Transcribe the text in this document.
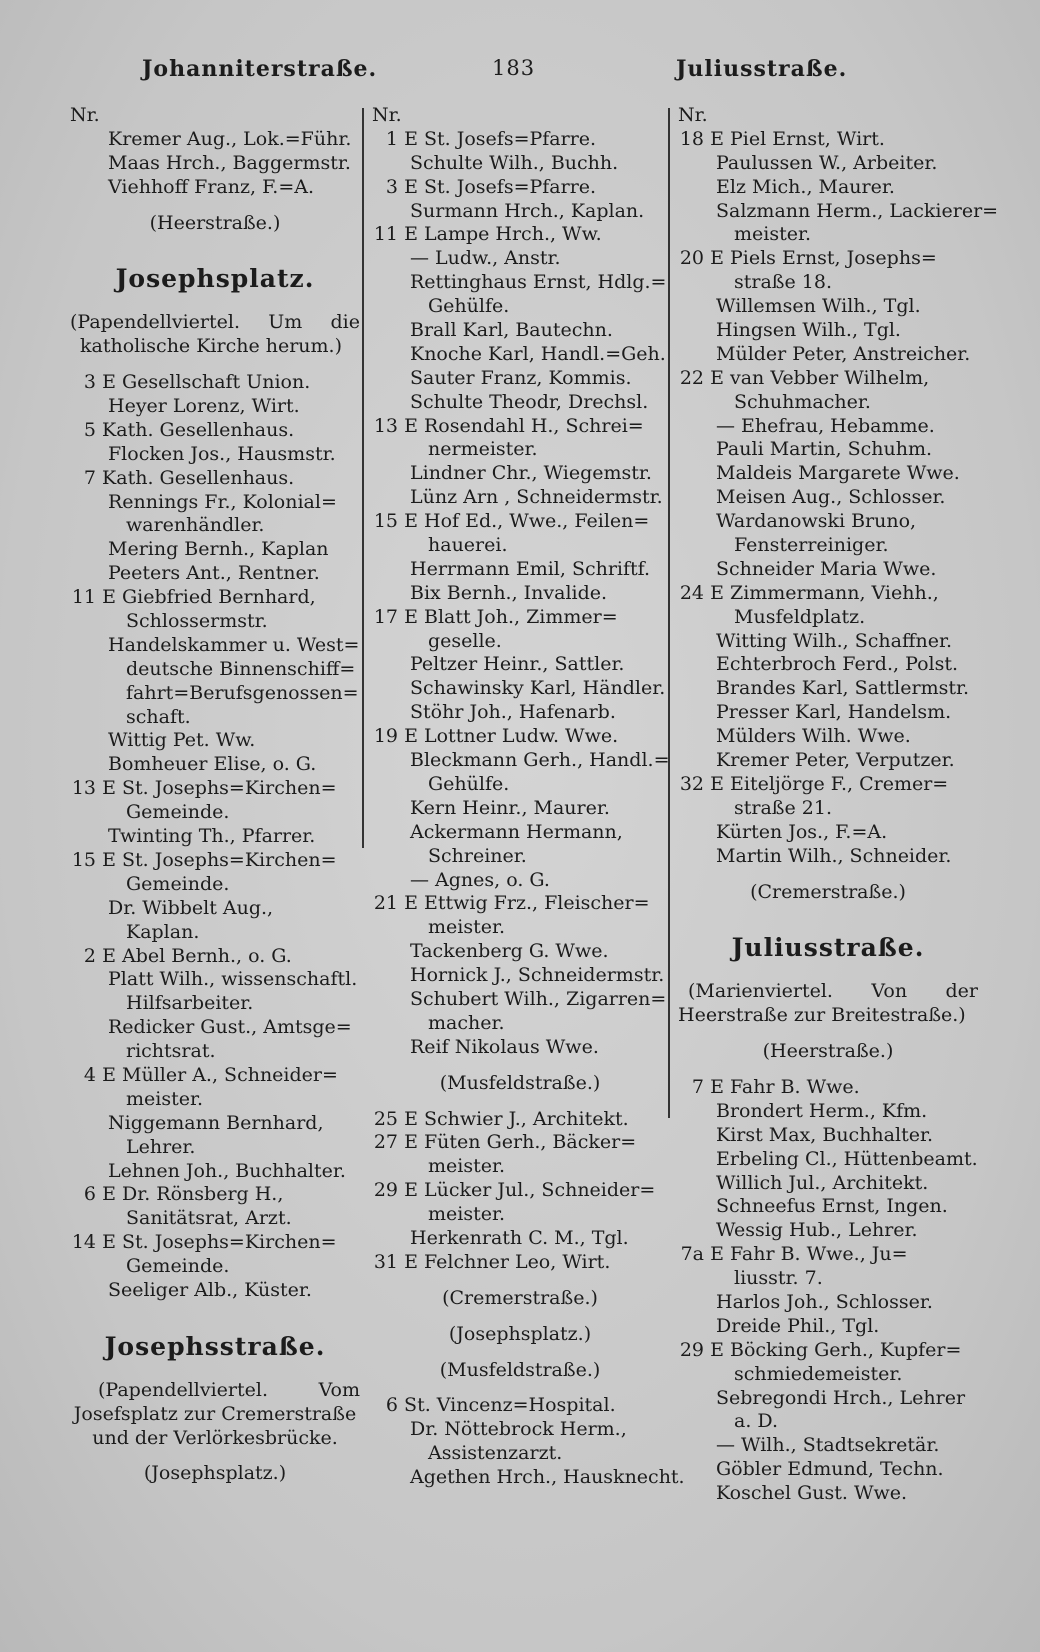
Johanniterstraße.	183	Juliusstraße.
Nr.
Kremer Aug., Lok.=Führ.
Maas Hrch., Baggermstr.
Viehhoff Franz, F.=A.
(Heerstraße.)
Josephsplatz.
(Papendellviertel. Um die
katholische Kirche herum.)
3 E Gesellschaft Union.
Heyer Lorenz, Wirt.
5 Kath. Gesellenhaus.
Flocken Jos., Hausmstr.
7 Kath. Gesellenhaus.
Rennings Fr., Kolonial=
warenhändler.
Mering Bernh., Kaplan
Peeters Ant., Rentner.
11 E Giebfried Bernhard,
Schlossermstr.
Handelskammer u. West=
deutsche Binnenschiff=
fahrt=Berufsgenossen=
schaft.
Wittig Pet. Ww.
Bomheuer Elise, o. G.
13 E St. Josephs=Kirchen=
Gemeinde.
Twinting Th., Pfarrer.
15 E St. Josephs=Kirchen=
Gemeinde.
Dr. Wibbelt Aug.,
Kaplan.
2 E Abel Bernh., o. G.
Platt Wilh., wissenschaftl.
Hilfsarbeiter.
Redicker Gust., Amtsge=
richtsrat.
4 E Müller A., Schneider=
meister.
Niggemann Bernhard,
Lehrer.
Lehnen Joh., Buchhalter.
6 E Dr. Rönsberg H.,
Sanitätsrat, Arzt.
14 E St. Josephs=Kirchen=
Gemeinde.
Seeliger Alb., Küster.
Josephsstraße.
(Papendellviertel.	Vom
Josefsplatz zur Cremerstraße
und der Verlörkesbrücke.
(Josephsplatz.)
Nr.
1 E St. Josefs=Pfarre.
Schulte Wilh., Buchh.
3 E St. Josefs=Pfarre.
Surmann Hrch., Kaplan.
11 E Lampe Hrch., Ww.
— Ludw., Anstr.
Rettinghaus Ernst, Hdlg.=
Gehülfe.
Brall Karl, Bautechn.
Knoche Karl, Handl.=Geh.
Sauter Franz, Kommis.
Schulte Theodr, Drechsl.
13 E Rosendahl H., Schrei=
nermeister.
Lindner Chr., Wiegemstr.
Lünz Arn , Schneidermstr.
15 E Hof Ed., Wwe., Feilen=
hauerei.
Herrmann Emil, Schriftf.
Bix Bernh., Invalide.
17 E Blatt Joh., Zimmer=
geselle.
Peltzer Heinr., Sattler.
Schawinsky Karl, Händler.
Stöhr Joh., Hafenarb.
19 E Lottner Ludw. Wwe.
Bleckmann Gerh., Handl.=
Gehülfe.
Kern Heinr., Maurer.
Ackermann Hermann,
Schreiner.
— Agnes, o. G.
21 E Ettwig Frz., Fleischer=
meister.
Tackenberg G. Wwe.
Hornick J., Schneidermstr.
Schubert Wilh., Zigarren=
macher.
Reif Nikolaus Wwe.
(Musfeldstraße.)
25 E Schwier J., Architekt.
27 E Füten Gerh., Bäcker=
meister.
29 E Lücker Jul., Schneider=
meister.
Herkenrath C. M., Tgl.
31 E Felchner Leo, Wirt.
(Cremerstraße.)
(Josephsplatz.)
(Musfeldstraße.)
6 St. Vincenz=Hospital.
Dr. Nöttebrock Herm.,
Assistenzarzt.
Agethen Hrch., Hausknecht.
Nr.
18 E Piel Ernst, Wirt.
Paulussen W., Arbeiter.
Elz Mich., Maurer.
Salzmann Herm., Lackierer=
meister.
20 E Piels Ernst, Josephs=
straße 18.
Willemsen Wilh., Tgl.
Hingsen Wilh., Tgl.
Mülder Peter, Anstreicher.
22 E van Vebber Wilhelm,
Schuhmacher.
— Ehefrau, Hebamme.
Pauli Martin, Schuhm.
Maldeis Margarete Wwe.
Meisen Aug., Schlosser.
Wardanowski Bruno,
Fensterreiniger.
Schneider Maria Wwe.
24 E Zimmermann, Viehh.,
Musfeldplatz.
Witting Wilh., Schaffner.
Echterbroch Ferd., Polst.
Brandes Karl, Sattlermstr.
Presser Karl, Handelsm.
Mülders Wilh. Wwe.
Kremer Peter, Verputzer.
32 E Eiteljörge F., Cremer=
straße 21.
Kürten Jos., F.=A.
Martin Wilh., Schneider.
(Cremerstraße.)
Juliusstraße.
(Marienviertel. Von der
Heerstraße zur Breitestraße.)
(Heerstraße.)
7 E Fahr B. Wwe.
Brondert Herm., Kfm.
Kirst Max, Buchhalter.
Erbeling Cl., Hüttenbeamt.
Willich Jul., Architekt.
Schneefus Ernst, Ingen.
Wessig Hub., Lehrer.
7a E Fahr B. Wwe., Ju=
liusstr. 7.
Harlos Joh., Schlosser.
Dreide Phil., Tgl.
29 E Böcking Gerh., Kupfer=
schmiedemeister.
Sebregondi Hrch., Lehrer
a. D.
— Wilh., Stadtsekretär.
Göbler Edmund, Techn.
Koschel Gust. Wwe.
